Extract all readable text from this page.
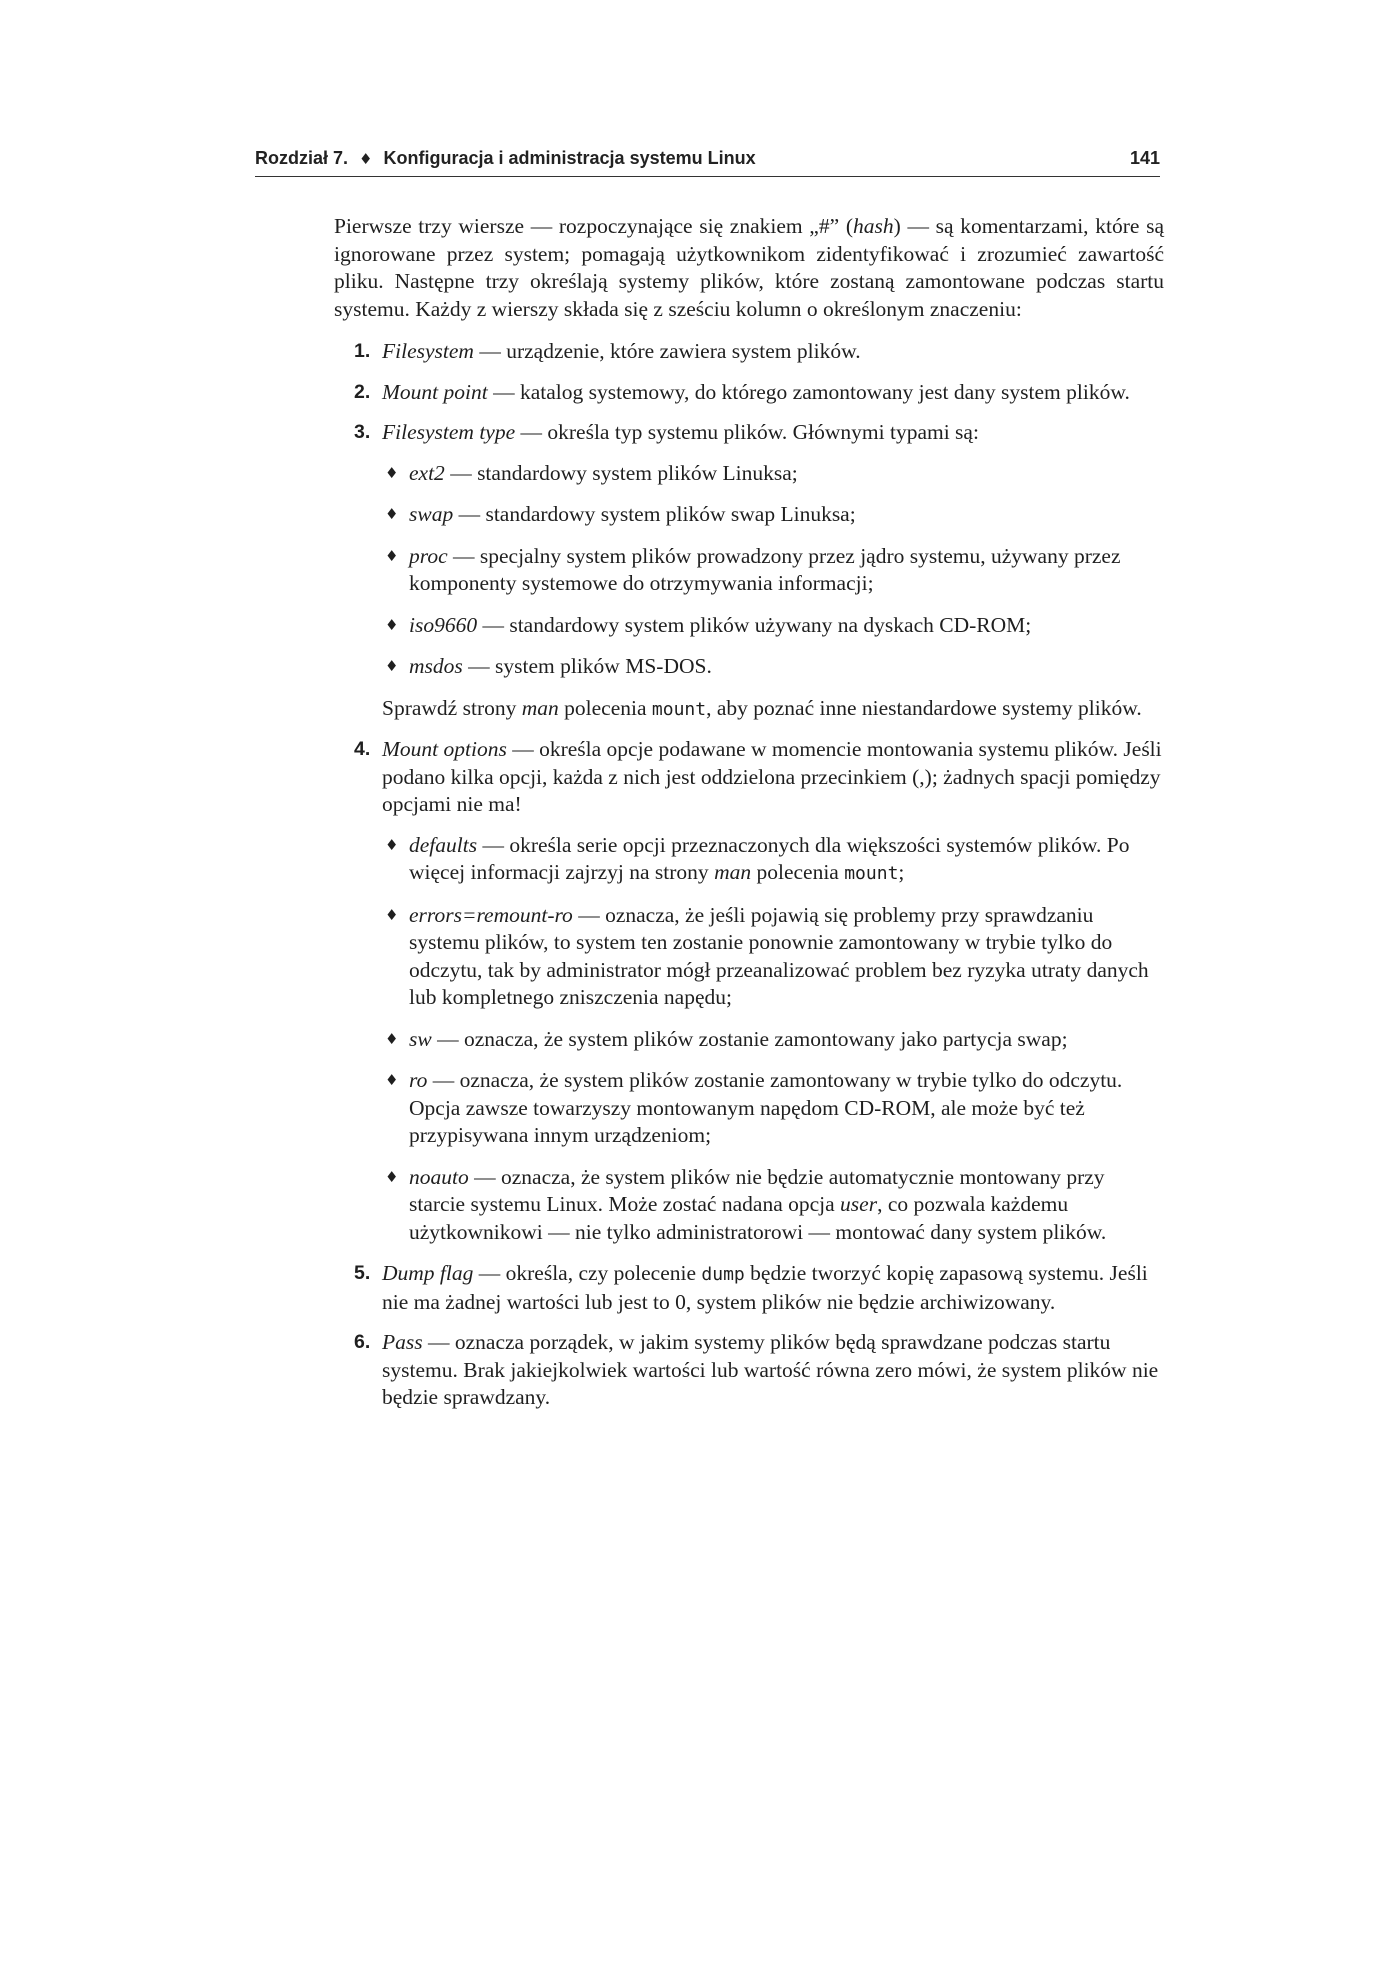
Rozdział 7. ♦ Konfiguracja i administracja systemu Linux	141

Pierwsze trzy wiersze — rozpoczynające się znakiem „#” (hash) — są komentarzami, które są ignorowane przez system; pomagają użytkownikom zidentyfikować i zrozumieć zawartość pliku. Następne trzy określają systemy plików, które zostaną zamontowane podczas startu systemu. Każdy z wierszy składa się z sześciu kolumn o określonym znaczeniu:

1. Filesystem — urządzenie, które zawiera system plików.
2. Mount point — katalog systemowy, do którego zamontowany jest dany system plików.
3. Filesystem type — określa typ systemu plików. Głównymi typami są:
♦ ext2 — standardowy system plików Linuksa;
♦ swap — standardowy system plików swap Linuksa;
♦ proc — specjalny system plików prowadzony przez jądro systemu, używany przez komponenty systemowe do otrzymywania informacji;
♦ iso9660 — standardowy system plików używany na dyskach CD-ROM;
♦ msdos — system plików MS-DOS.
Sprawdź strony man polecenia mount, aby poznać inne niestandardowe systemy plików.
4. Mount options — określa opcje podawane w momencie montowania systemu plików. Jeśli podano kilka opcji, każda z nich jest oddzielona przecinkiem (,); żadnych spacji pomiędzy opcjami nie ma!
♦ defaults — określa serie opcji przeznaczonych dla większości systemów plików. Po więcej informacji zajrzyj na strony man polecenia mount;
♦ errors=remount-ro — oznacza, że jeśli pojawią się problemy przy sprawdzaniu systemu plików, to system ten zostanie ponownie zamontowany w trybie tylko do odczytu, tak by administrator mógł przeanalizować problem bez ryzyka utraty danych lub kompletnego zniszczenia napędu;
♦ sw — oznacza, że system plików zostanie zamontowany jako partycja swap;
♦ ro — oznacza, że system plików zostanie zamontowany w trybie tylko do odczytu. Opcja zawsze towarzyszy montowanym napędom CD-ROM, ale może być też przypisywana innym urządzeniom;
♦ noauto — oznacza, że system plików nie będzie automatycznie montowany przy starcie systemu Linux. Może zostać nadana opcja user, co pozwala każdemu użytkownikowi — nie tylko administratorowi — montować dany system plików.
5. Dump flag — określa, czy polecenie dump będzie tworzyć kopię zapasową systemu. Jeśli nie ma żadnej wartości lub jest to 0, system plików nie będzie archiwizowany.
6. Pass — oznacza porządek, w jakim systemy plików będą sprawdzane podczas startu systemu. Brak jakiejkolwiek wartości lub wartość równa zero mówi, że system plików nie będzie sprawdzany.
